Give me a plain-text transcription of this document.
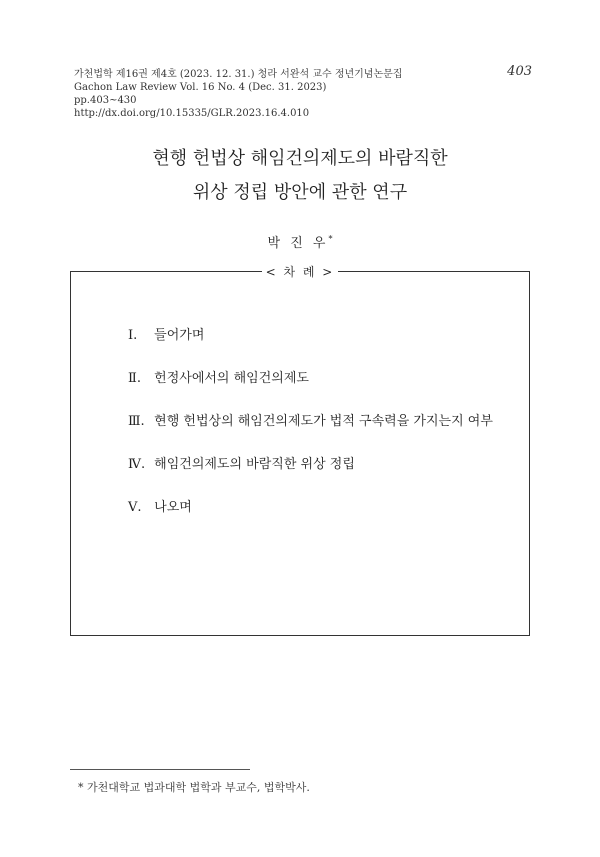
가천법학 제16권 제4호 (2023. 12. 31.) 청라 서완석 교수 정년기념논문집
Gachon Law Review Vol. 16 No. 4 (Dec. 31. 2023)
pp.403~430
http://dx.doi.org/10.15335/GLR.2023.16.4.010
403
현행 헌법상 해임건의제도의 바람직한
위상 정립 방안에 관한 연구
박 진 우*
< 차 례 >
Ⅰ. 들어가며
Ⅱ. 헌정사에서의 해임건의제도
Ⅲ. 현행 헌법상의 해임건의제도가 법적 구속력을 가지는지 여부
Ⅳ. 해임건의제도의 바람직한 위상 정립
Ⅴ. 나오며
* 가천대학교 법과대학 법학과 부교수, 법학박사.
